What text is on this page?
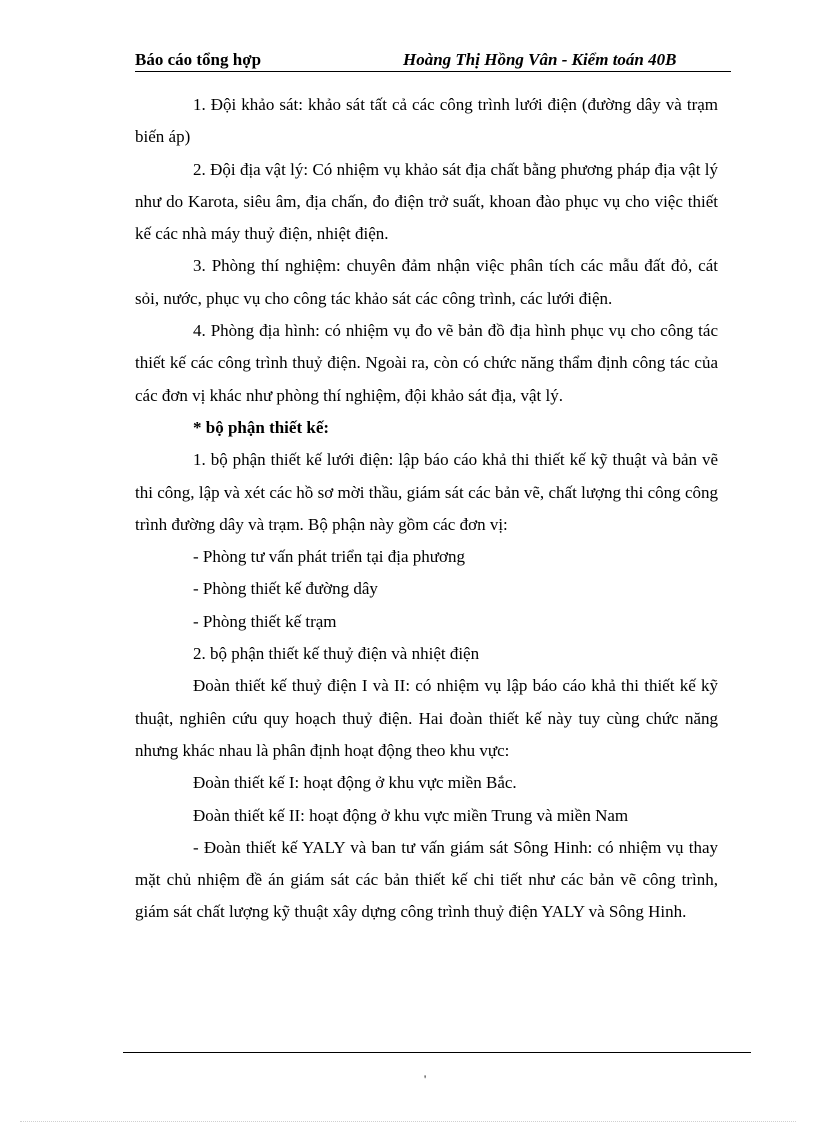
Báo cáo tổng hợp	Hoàng Thị Hồng Vân - Kiểm toán 40B

1. Đội khảo sát: khảo sát tất cả các công trình lưới điện (đường dây và trạm biến áp)

2. Đội địa vật lý: Có nhiệm vụ khảo sát địa chất bằng phương pháp địa vật lý như do Karota, siêu âm, địa chấn, đo điện trở suất, khoan đào phục vụ cho việc thiết kế các nhà máy thuỷ điện, nhiệt điện.

3. Phòng thí nghiệm: chuyên đảm nhận việc phân tích các mẫu đất đỏ, cát sỏi, nước, phục vụ cho công tác khảo sát các công trình, các lưới điện.

4. Phòng địa hình: có nhiệm vụ đo vẽ bản đồ địa hình phục vụ cho công tác thiết kế các công trình thuỷ điện. Ngoài ra, còn có chức năng thẩm định công tác của các đơn vị khác như phòng thí nghiệm, đội khảo sát địa, vật lý.

* bộ phận thiết kế:

1. bộ phận thiết kế lưới điện: lập báo cáo khả thi thiết kế kỹ thuật và bản vẽ thi công, lập và xét các hồ sơ mời thầu, giám sát các bản vẽ, chất lượng thi công công trình đường dây và trạm. Bộ phận này gồm các đơn vị:

- Phòng tư vấn phát triển tại địa phương

- Phòng thiết kế đường dây

- Phòng thiết kế trạm

2. bộ phận thiết kế thuỷ điện và nhiệt điện

Đoàn thiết kế thuỷ điện I và II: có nhiệm vụ lập báo cáo khả thi thiết kế kỹ thuật, nghiên cứu quy hoạch thuỷ điện. Hai đoàn thiết kế này tuy cùng chức năng nhưng khác nhau là phân định hoạt động theo khu vực:

Đoàn thiết kế I: hoạt động ở khu vực miền Bắc.

Đoàn thiết kế II: hoạt động ở khu vực miền Trung và miền Nam

- Đoàn thiết kế YALY và ban tư vấn giám sát Sông Hinh: có nhiệm vụ thay mặt chủ nhiệm đề án giám sát các bản thiết kế chi tiết như các bản vẽ công trình, giám sát chất lượng kỹ thuật xây dựng công trình thuỷ điện YALY và Sông Hinh.

'
